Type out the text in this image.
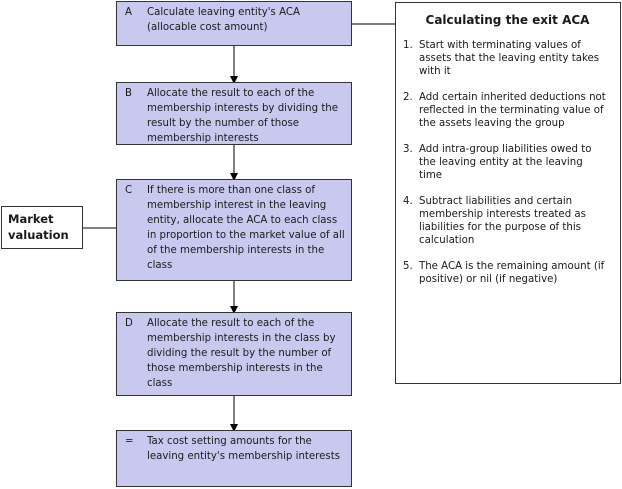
A	Calculate leaving entity's ACA (allocable cost amount)
B	Allocate the result to each of the membership interests by dividing the result by the number of those membership interests
C	If there is more than one class of membership interest in the leaving entity, allocate the ACA to each class in proportion to the market value of all of the membership interests in the class
D	Allocate the result to each of the membership interests in the class by dividing the result by the number of those membership interests in the class
=	Tax cost setting amounts for the leaving entity's membership interests
Market valuation
Calculating the exit ACA
1. Start with terminating values of assets that the leaving entity takes with it
2. Add certain inherited deductions not reflected in the terminating value of the assets leaving the group
3. Add intra-group liabilities owed to the leaving entity at the leaving time
4. Subtract liabilities and certain membership interests treated as liabilities for the purpose of this calculation
5. The ACA is the remaining amount (if positive) or nil (if negative)
